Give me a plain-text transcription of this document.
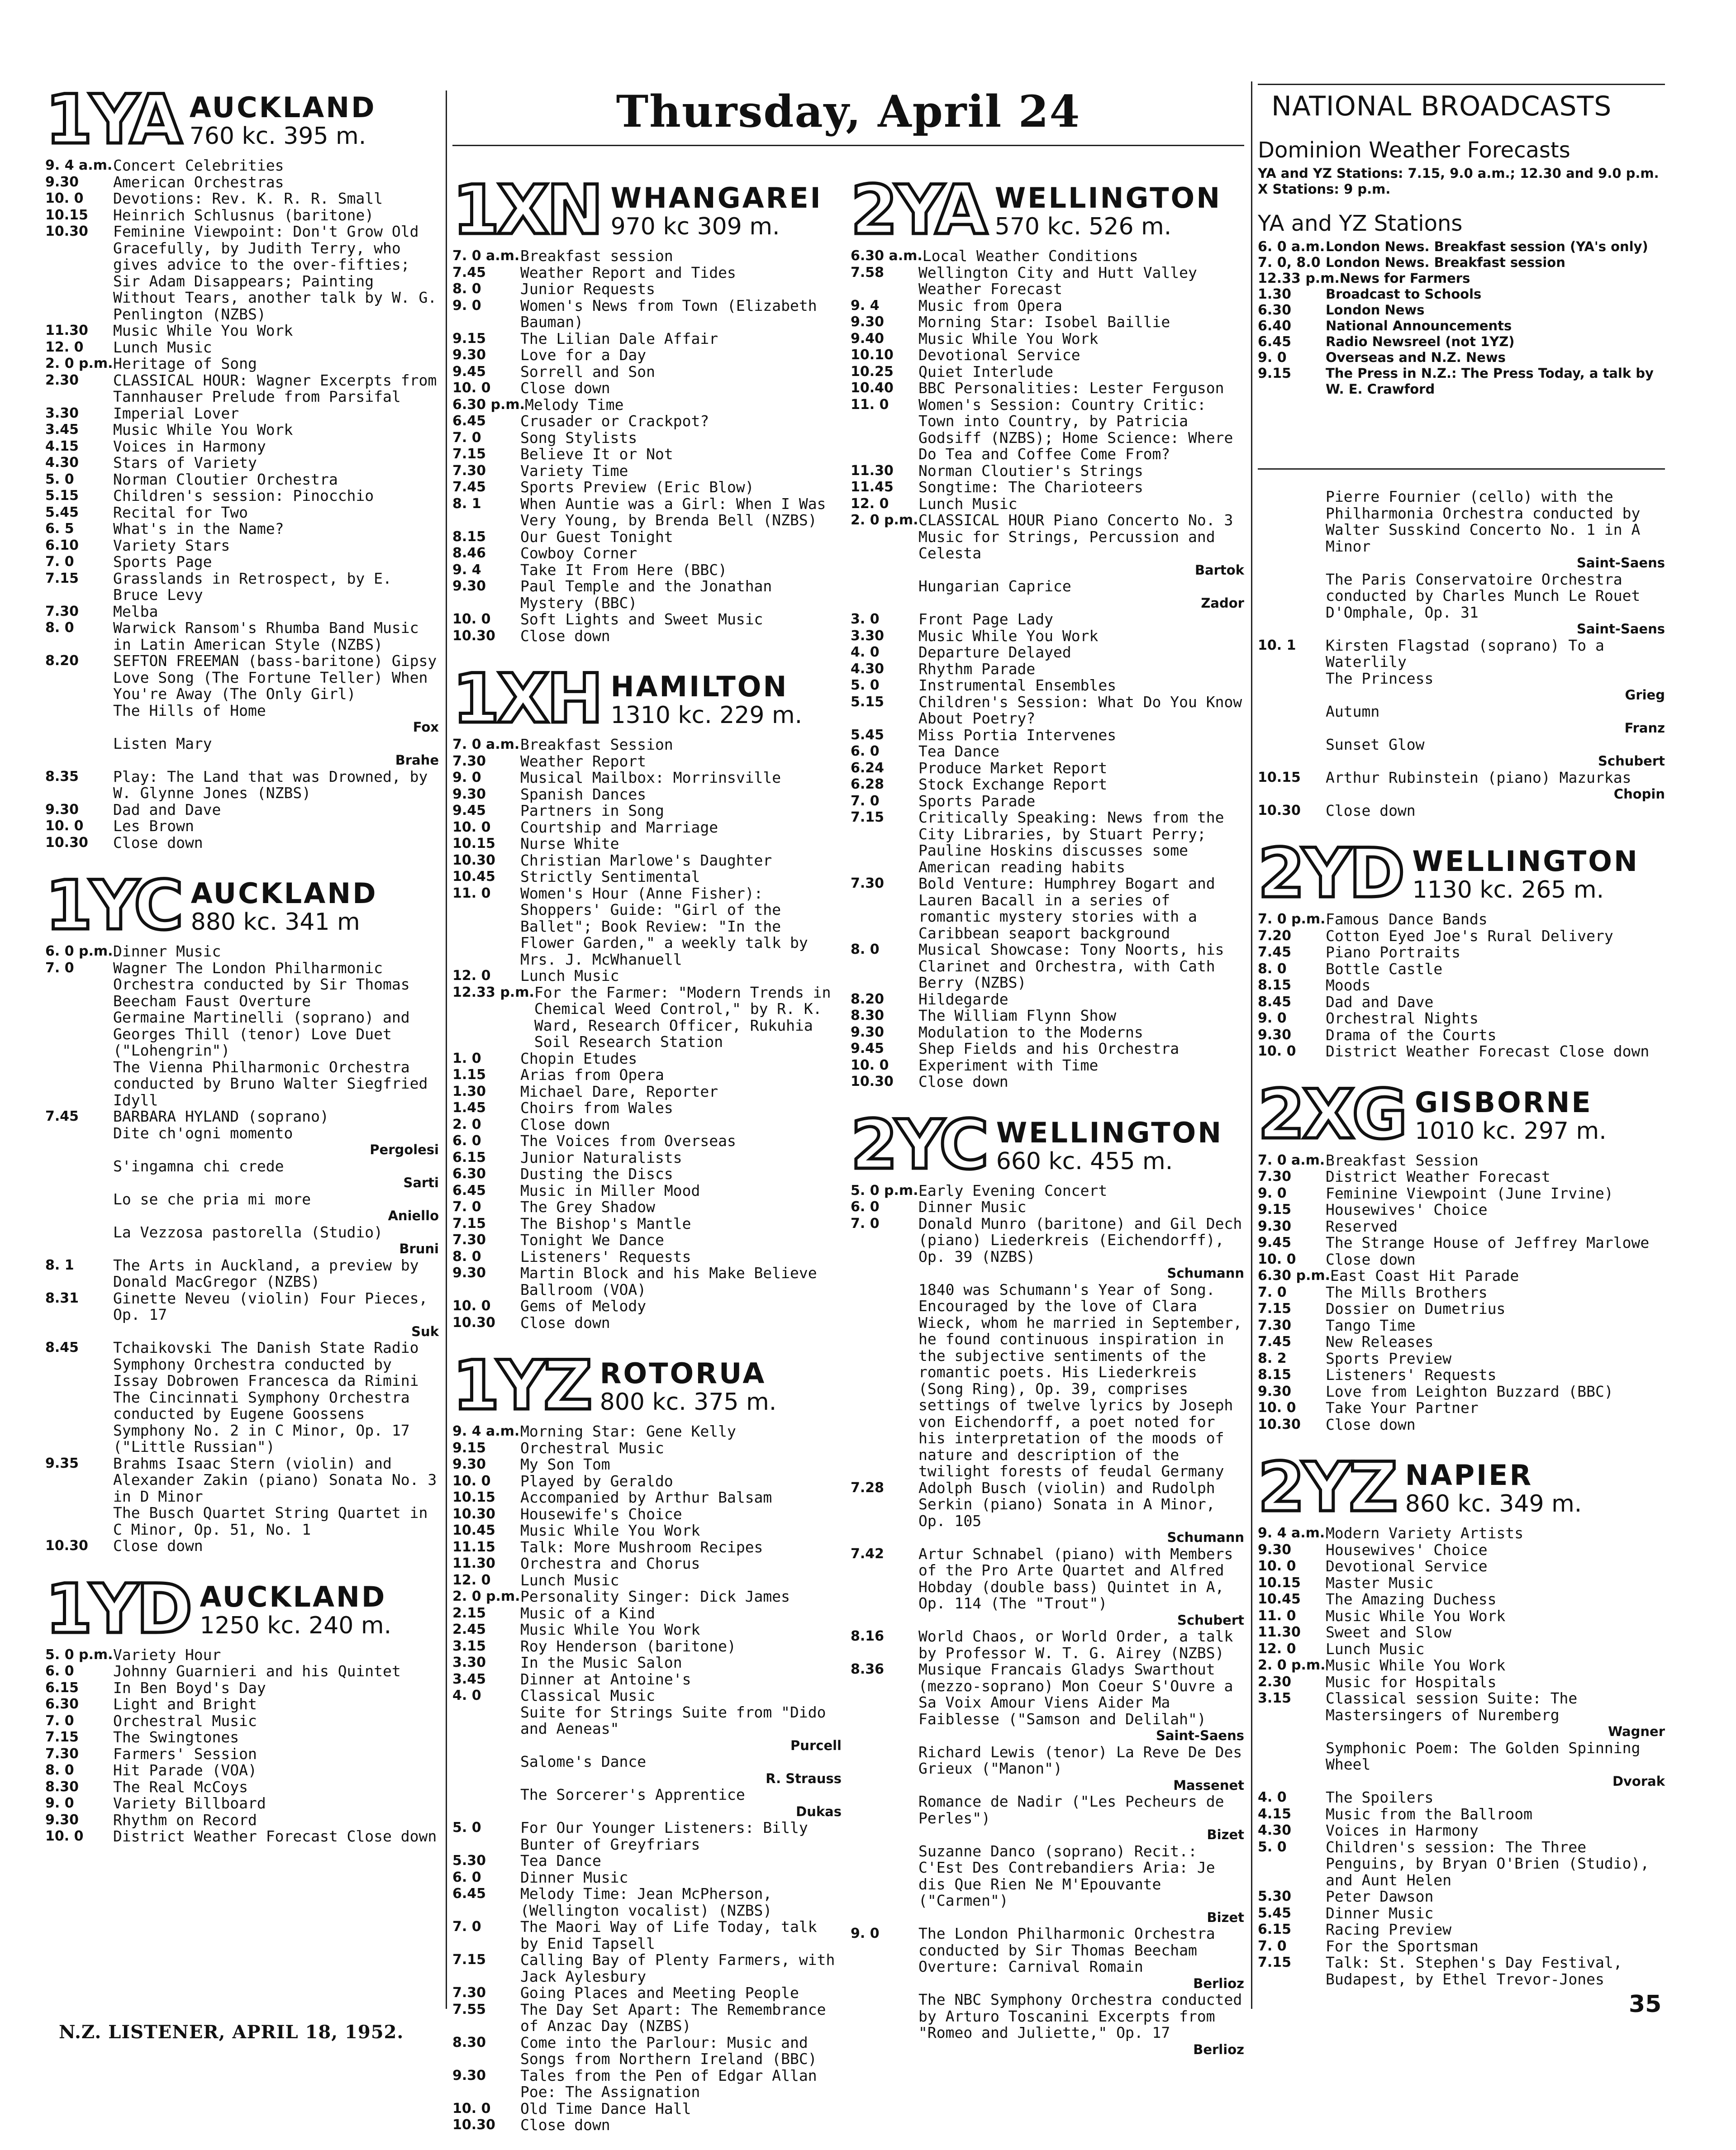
Thursday, April 24
1YA AUCKLAND
760 kc. 395 m.
9. 4 a.m. Concert Celebrities
9.30	American Orchestras
10. 0	Devotions: Rev. K. R. R. Small
10.15	Heinrich Schlusnus (baritone)
10.30	Feminine Viewpoint: Don't Grow Old Gracefully, by Judith Terry, who gives advice to the over-fifties; Sir Adam Disappears; Painting Without Tears, another talk by W. G. Penlington (NZBS)
11.30	Music While You Work
12. 0	Lunch Music
2. 0 p.m. Heritage of Song
2.30	CLASSICAL HOUR: Wagner Excerpts from Tannhauser Prelude from Parsifal
3.30	Imperial Lover
3.45	Music While You Work
4.15	Voices in Harmony
4.30	Stars of Variety
5. 0	Norman Cloutier Orchestra
5.15	Children's session: Pinocchio
5.45	Recital for Two
6. 5	What's in the Name?
6.10	Variety Stars
7. 0	Sports Page
7.15	Grasslands in Retrospect, by E. Bruce Levy
7.30	Melba
8. 0	Warwick Ransom's Rhumba Band Music in Latin American Style (NZBS)
8.20	SEFTON FREEMAN (bass-baritone) Gipsy Love Song (The Fortune Teller) When You're Away (The Only Girl)
The Hills of Home
Fox
Listen Mary
Brahe
8.35	Play: The Land that was Drowned, by W. Glynne Jones (NZBS)
9.30	Dad and Dave
10. 0	Les Brown
10.30	Close down
1YC AUCKLAND
880 kc. 341 m
6. 0 p.m. Dinner Music
7. 0	Wagner The London Philharmonic Orchestra conducted by Sir Thomas Beecham Faust Overture
Germaine Martinelli (soprano) and Georges Thill (tenor) Love Duet ("Lohengrin")
The Vienna Philharmonic Orchestra conducted by Bruno Walter Siegfried Idyll
7.45	BARBARA HYLAND (soprano)
Dite ch'ogni momento
Pergolesi
S'ingamna chi crede
Sarti
Lo se che pria mi more
Aniello
La Vezzosa pastorella (Studio)
Bruni
8. 1	The Arts in Auckland, a preview by Donald MacGregor (NZBS)
8.31	Ginette Neveu (violin) Four Pieces, Op. 17
Suk
8.45	Tchaikovski The Danish State Radio Symphony Orchestra conducted by Issay Dobrowen Francesca da Rimini
The Cincinnati Symphony Orchestra conducted by Eugene Goossens Symphony No. 2 in C Minor, Op. 17 ("Little Russian")
9.35	Brahms Isaac Stern (violin) and Alexander Zakin (piano) Sonata No. 3 in D Minor
The Busch Quartet String Quartet in C Minor, Op. 51, No. 1
10.30	Close down
1YD AUCKLAND
1250 kc. 240 m.
5. 0 p.m. Variety Hour
6. 0	Johnny Guarnieri and his Quintet
6.15	In Ben Boyd's Day
6.30	Light and Bright
7. 0	Orchestral Music
7.15	The Swingtones
7.30	Farmers' Session
8. 0	Hit Parade (VOA)
8.30	The Real McCoys
9. 0	Variety Billboard
9.30	Rhythm on Record
10. 0	District Weather Forecast Close down
1XN WHANGAREI
970 kc 309 m.
7. 0 a.m. Breakfast session
7.45	Weather Report and Tides
8. 0	Junior Requests
9. 0	Women's News from Town (Elizabeth Bauman)
9.15	The Lilian Dale Affair
9.30	Love for a Day
9.45	Sorrell and Son
10. 0	Close down
6.30 p.m. Melody Time
6.45	Crusader or Crackpot?
7. 0	Song Stylists
7.15	Believe It or Not
7.30	Variety Time
7.45	Sports Preview (Eric Blow)
8. 1	When Auntie was a Girl: When I Was Very Young, by Brenda Bell (NZBS)
8.15	Our Guest Tonight
8.46	Cowboy Corner
9. 4	Take It From Here (BBC)
9.30	Paul Temple and the Jonathan Mystery (BBC)
10. 0	Soft Lights and Sweet Music
10.30	Close down
1XH HAMILTON
1310 kc. 229 m.
7. 0 a.m. Breakfast Session
7.30	Weather Report
9. 0	Musical Mailbox: Morrinsville
9.30	Spanish Dances
9.45	Partners in Song
10. 0	Courtship and Marriage
10.15	Nurse White
10.30	Christian Marlowe's Daughter
10.45	Strictly Sentimental
11. 0	Women's Hour (Anne Fisher): Shoppers' Guide: "Girl of the Ballet"; Book Review: "In the Flower Garden," a weekly talk by Mrs. J. McWhanuell
12. 0	Lunch Music
12.33 p.m. For the Farmer: "Modern Trends in Chemical Weed Control," by R. K. Ward, Research Officer, Rukuhia Soil Research Station
1. 0	Chopin Etudes
1.15	Arias from Opera
1.30	Michael Dare, Reporter
1.45	Choirs from Wales
2. 0	Close down
6. 0	The Voices from Overseas
6.15	Junior Naturalists
6.30	Dusting the Discs
6.45	Music in Miller Mood
7. 0	The Grey Shadow
7.15	The Bishop's Mantle
7.30	Tonight We Dance
8. 0	Listeners' Requests
9.30	Martin Block and his Make Believe Ballroom (VOA)
10. 0	Gems of Melody
10.30	Close down
1YZ ROTORUA
800 kc. 375 m.
9. 4 a.m. Morning Star: Gene Kelly
9.15	Orchestral Music
9.30	My Son Tom
10. 0	Played by Geraldo
10.15	Accompanied by Arthur Balsam
10.30	Housewife's Choice
10.45	Music While You Work
11.15	Talk: More Mushroom Recipes
11.30	Orchestra and Chorus
12. 0	Lunch Music
2. 0 p.m. Personality Singer: Dick James
2.15	Music of a Kind
2.45	Music While You Work
3.15	Roy Henderson (baritone)
3.30	In the Music Salon
3.45	Dinner at Antoine's
4. 0	Classical Music
Suite for Strings Suite from "Dido and Aeneas"
Purcell
Salome's Dance
R. Strauss
The Sorcerer's Apprentice
Dukas
5. 0	For Our Younger Listeners: Billy Bunter of Greyfriars
5.30	Tea Dance
6. 0	Dinner Music
6.45	Melody Time: Jean McPherson, (Wellington vocalist) (NZBS)
7. 0	The Maori Way of Life Today, talk by Enid Tapsell
7.15	Calling Bay of Plenty Farmers, with Jack Aylesbury
7.30	Going Places and Meeting People
7.55	The Day Set Apart: The Remembrance of Anzac Day (NZBS)
8.30	Come into the Parlour: Music and Songs from Northern Ireland (BBC)
9.30	Tales from the Pen of Edgar Allan Poe: The Assignation
10. 0	Old Time Dance Hall
10.30	Close down
2YA WELLINGTON
570 kc. 526 m.
6.30 a.m. Local Weather Conditions
7.58	Wellington City and Hutt Valley Weather Forecast
9. 4	Music from Opera
9.30	Morning Star: Isobel Baillie
9.40	Music While You Work
10.10	Devotional Service
10.25	Quiet Interlude
10.40	BBC Personalities: Lester Ferguson
11. 0	Women's Session: Country Critic: Town into Country, by Patricia Godsiff (NZBS); Home Science: Where Do Tea and Coffee Come From?
11.30	Norman Cloutier's Strings
11.45	Songtime: The Charioteers
12. 0	Lunch Music
2. 0 p.m. CLASSICAL HOUR Piano Concerto No. 3 Music for Strings, Percussion and Celesta
Bartok
Hungarian Caprice
Zador
3. 0	Front Page Lady
3.30	Music While You Work
4. 0	Departure Delayed
4.30	Rhythm Parade
5. 0	Instrumental Ensembles
5.15	Children's Session: What Do You Know About Poetry?
5.45	Miss Portia Intervenes
6. 0	Tea Dance
6.24	Produce Market Report
6.28	Stock Exchange Report
7. 0	Sports Parade
7.15	Critically Speaking: News from the City Libraries, by Stuart Perry; Pauline Hoskins discusses some American reading habits
7.30	Bold Venture: Humphrey Bogart and Lauren Bacall in a series of romantic mystery stories with a Caribbean seaport background
8. 0	Musical Showcase: Tony Noorts, his Clarinet and Orchestra, with Cath Berry (NZBS)
8.20	Hildegarde
8.30	The William Flynn Show
9.30	Modulation to the Moderns
9.45	Shep Fields and his Orchestra
10. 0	Experiment with Time
10.30	Close down
2YC WELLINGTON
660 kc. 455 m.
5. 0 p.m. Early Evening Concert
6. 0	Dinner Music
7. 0	Donald Munro (baritone) and Gil Dech (piano) Liederkreis (Eichendorff), Op. 39 (NZBS)
Schumann
1840 was Schumann's Year of Song. Encouraged by the love of Clara Wieck, whom he married in September, he found continuous inspiration in the subjective sentiments of the romantic poets. His Liederkreis (Song Ring), Op. 39, comprises settings of twelve lyrics by Joseph von Eichendorff, a poet noted for his interpretation of the moods of nature and description of the twilight forests of feudal Germany
7.28	Adolph Busch (violin) and Rudolph Serkin (piano) Sonata in A Minor, Op. 105
Schumann
7.42	Artur Schnabel (piano) with Members of the Pro Arte Quartet and Alfred Hobday (double bass) Quintet in A, Op. 114 (The "Trout")
Schubert
8.16	World Chaos, or World Order, a talk by Professor W. T. G. Airey (NZBS)
8.36	Musique Francais Gladys Swarthout (mezzo-soprano) Mon Coeur S'Ouvre a Sa Voix Amour Viens Aider Ma Faiblesse ("Samson and Delilah")
Saint-Saens
Richard Lewis (tenor) La Reve De Des Grieux ("Manon")
Massenet
Romance de Nadir ("Les Pecheurs de Perles")
Bizet
Suzanne Danco (soprano) Recit.: C'Est Des Contrebandiers Aria: Je dis Que Rien Ne M'Epouvante ("Carmen")
Bizet
9. 0	The London Philharmonic Orchestra conducted by Sir Thomas Beecham Overture: Carnival Romain
Berlioz
The NBC Symphony Orchestra conducted by Arturo Toscanini Excerpts from "Romeo and Juliette," Op. 17
Berlioz
NATIONAL BROADCASTS
Dominion Weather Forecasts
YA and YZ Stations: 7.15, 9.0 a.m.; 12.30 and 9.0 p.m.
X Stations: 9 p.m.
YA and YZ Stations
6. 0 a.m. London News. Breakfast session (YA's only)
7. 0, 8.0 London News. Breakfast session
12.33 p.m. News for Farmers
1.30	Broadcast to Schools
6.30	London News
6.40	National Announcements
6.45	Radio Newsreel (not 1YZ)
9. 0	Overseas and N.Z. News
9.15	The Press in N.Z.: The Press Today, a talk by W. E. Crawford
Pierre Fournier (cello) with the Philharmonia Orchestra conducted by Walter Susskind Concerto No. 1 in A Minor
Saint-Saens
The Paris Conservatoire Orchestra conducted by Charles Munch Le Rouet D'Omphale, Op. 31
Saint-Saens
10. 1	Kirsten Flagstad (soprano) To a Waterlily
The Princess
Grieg
Autumn
Franz
Sunset Glow
Schubert
10.15	Arthur Rubinstein (piano) Mazurkas
Chopin
10.30	Close down
2YD WELLINGTON
1130 kc. 265 m.
7. 0 p.m. Famous Dance Bands
7.20	Cotton Eyed Joe's Rural Delivery
7.45	Piano Portraits
8. 0	Bottle Castle
8.15	Moods
8.45	Dad and Dave
9. 0	Orchestral Nights
9.30	Drama of the Courts
10. 0	District Weather Forecast Close down
2XG GISBORNE
1010 kc. 297 m.
7. 0 a.m. Breakfast Session
7.30	District Weather Forecast
9. 0	Feminine Viewpoint (June Irvine)
9.15	Housewives' Choice
9.30	Reserved
9.45	The Strange House of Jeffrey Marlowe
10. 0	Close down
6.30 p.m. East Coast Hit Parade
7. 0	The Mills Brothers
7.15	Dossier on Dumetrius
7.30	Tango Time
7.45	New Releases
8. 2	Sports Preview
8.15	Listeners' Requests
9.30	Love from Leighton Buzzard (BBC)
10. 0	Take Your Partner
10.30	Close down
2YZ NAPIER
860 kc. 349 m.
9. 4 a.m. Modern Variety Artists
9.30	Housewives' Choice
10. 0	Devotional Service
10.15	Master Music
10.45	The Amazing Duchess
11. 0	Music While You Work
11.30	Sweet and Slow
12. 0	Lunch Music
2. 0 p.m. Music While You Work
2.30	Music for Hospitals
3.15	Classical session Suite: The Mastersingers of Nuremberg
Wagner
Symphonic Poem: The Golden Spinning Wheel
Dvorak
4. 0	The Spoilers
4.15	Music from the Ballroom
4.30	Voices in Harmony
5. 0	Children's session: The Three Penguins, by Bryan O'Brien (Studio), and Aunt Helen
5.30	Peter Dawson
5.45	Dinner Music
6.15	Racing Preview
7. 0	For the Sportsman
7.15	Talk: St. Stephen's Day Festival, Budapest, by Ethel Trevor-Jones
N.Z. LISTENER, APRIL 18, 1952.
35
